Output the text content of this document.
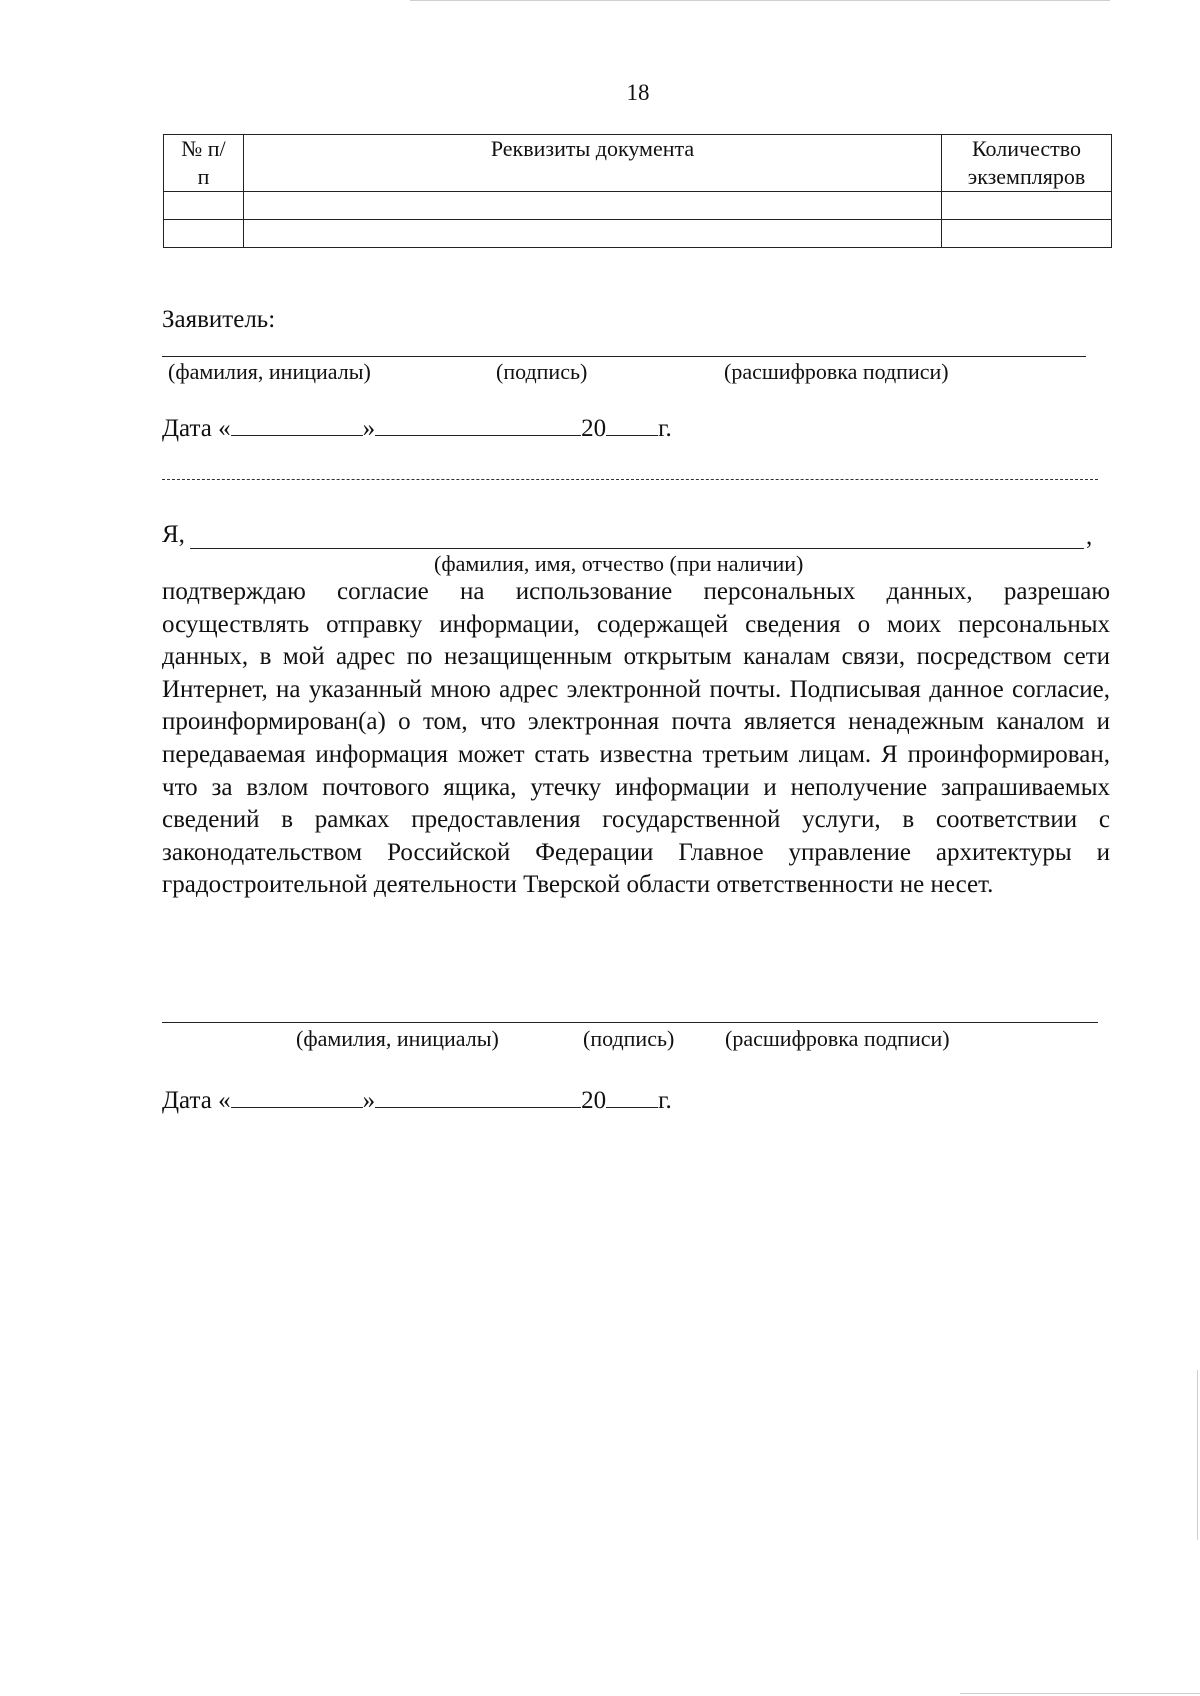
18
№ п/п	Реквизиты документа	Количество экземпляров

Заявитель:
(фамилия, инициалы)	(подпись)	(расшифровка подписи)
Дата «	»	20 г.
Я,	,
(фамилия, имя, отчество (при наличии)

подтверждаю согласие на использование персональных данных, разрешаю осуществлять отправку информации, содержащей сведения о моих персональных данных, в мой адрес по незащищенным открытым каналам связи, посредством сети Интернет, на указанный мною адрес электронной почты. Подписывая данное согласие, проинформирован(а) о том, что электронная почта является ненадежным каналом и передаваемая информация может стать известна третьим лицам. Я проинформирован, что за взлом почтового ящика, утечку информации и неполучение запрашиваемых сведений в рамках предоставления государственной услуги, в соответствии с законодательством Российской Федерации Главное управление архитектуры и градостроительной деятельности Тверской области ответственности не несет.

(фамилия, инициалы)	(подпись) (расшифровка подписи)
Дата «	»	20 г.
